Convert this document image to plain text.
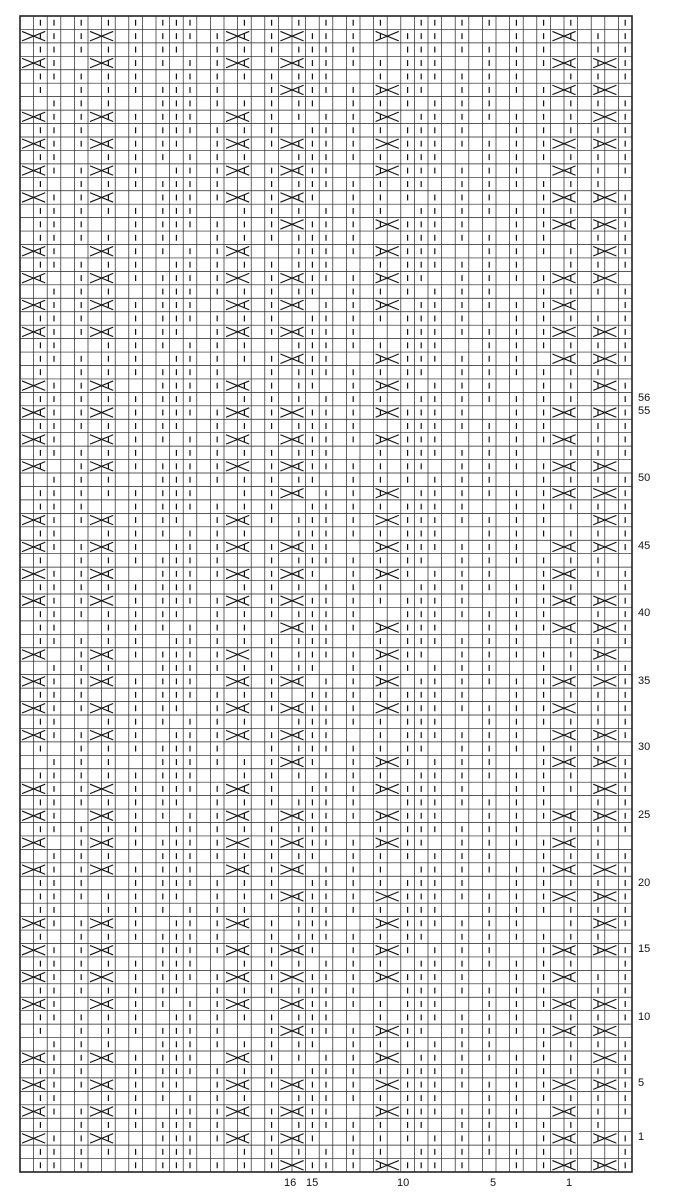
1
5
10
15
20
25
30
35
40
45
50
55
56
1
5
10
15
16
